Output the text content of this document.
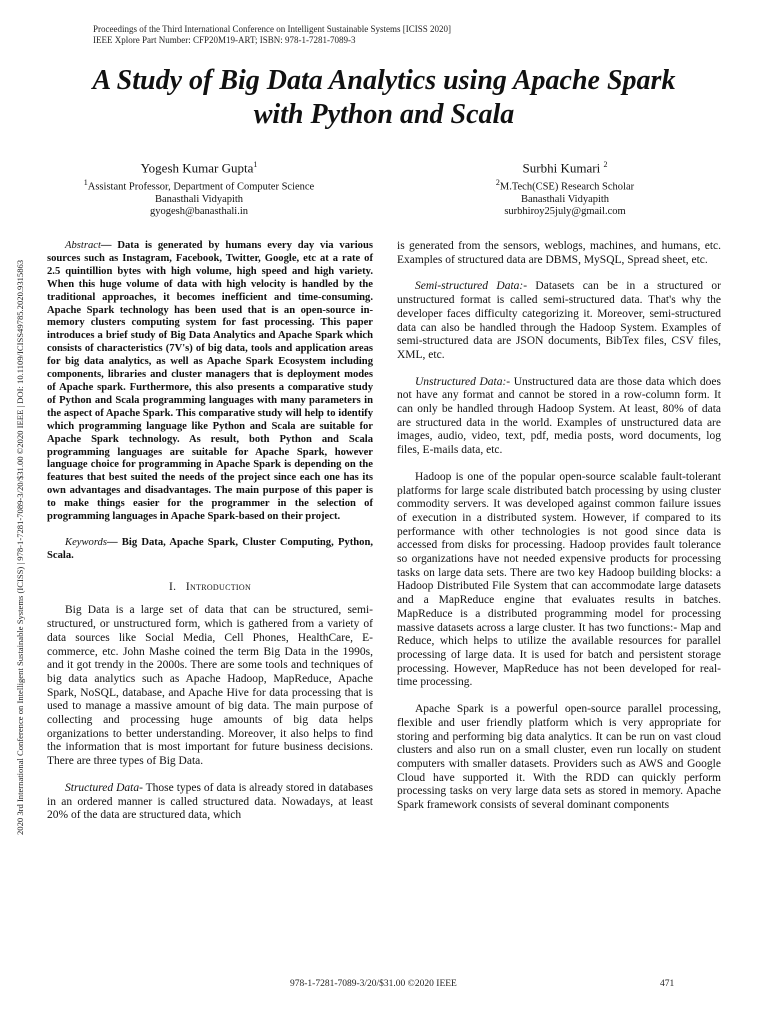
Proceedings of the Third International Conference on Intelligent Sustainable Systems [ICISS 2020]
IEEE Xplore Part Number: CFP20M19-ART; ISBN: 978-1-7281-7089-3
A Study of Big Data Analytics using Apache Spark
with Python and Scala
Yogesh Kumar Gupta$^1$
$^1$Assistant Professor, Department of Computer Science
Banasthali Vidyapith
gyogesh@banasthali.in
Surbhi Kumari $^2$
$^2$M.Tech(CSE) Research Scholar
Banasthali Vidyapith
surbhiroy25july@gmail.com
2020 3rd International Conference on Intelligent Sustainable Systems (ICISS) | 978-1-7281-7089-3/20/$31.00 ©2020 IEEE | DOI: 10.1109/ICISS49785.2020.9315863

Abstract— Data is generated by humans every day via various sources such as Instagram, Facebook, Twitter, Google, etc at a rate of 2.5 quintillion bytes with high volume, high speed and high variety. When this huge volume of data with high velocity is handled by the traditional approaches, it becomes inefficient and time-consuming. Apache Spark technology has been used that is an open-source in-memory clusters computing system for fast processing. This paper introduces a brief study of Big Data Analytics and Apache Spark which consists of characteristics (7V's) of big data, tools and application areas for big data analytics, as well as Apache Spark Ecosystem including components, libraries and cluster managers that is deployment modes of Apache spark. Furthermore, this also presents a comparative study of Python and Scala programming languages with many parameters in the aspect of Apache Spark. This comparative study will help to identify which programming language like Python and Scala are suitable for Apache Spark technology. As result, both Python and Scala programming languages are suitable for Apache Spark, however language choice for programming in Apache Spark is depending on the features that best suited the needs of the project since each one has its own advantages and disadvantages. The main purpose of this paper is to make things easier for the programmer in the selection of programming languages in Apache Spark-based on their project.

Keywords— Big Data, Apache Spark, Cluster Computing, Python, Scala.

I. Introduction

Big Data is a large set of data that can be structured, semi-structured, or unstructured form, which is gathered from a variety of data sources like Social Media, Cell Phones, HealthCare, E-commerce, etc. John Mashe coined the term Big Data in the 1990s, and it got trendy in the 2000s. There are some tools and techniques of big data analytics such as Apache Hadoop, MapReduce, Apache Spark, NoSQL, database, and Apache Hive for data processing that is used to manage a massive amount of big data. The main purpose of collecting and processing huge amounts of big data helps organizations to better understanding. Moreover, it also helps to find the information that is most important for future business decisions. There are three types of Big Data.

Structured Data- Those types of data is already stored in databases in an ordered manner is called structured data. Nowadays, at least 20% of the data are structured data, which

is generated from the sensors, weblogs, machines, and humans, etc. Examples of structured data are DBMS, MySQL, Spread sheet, etc.

Semi-structured Data:- Datasets can be in a structured or unstructured format is called semi-structured data. That's why the developer faces difficulty categorizing it. Moreover, semi-structured data can also be handled through the Hadoop System. Examples of semi-structured data are JSON documents, BibTex files, CSV files, XML, etc.

Unstructured Data:- Unstructured data are those data which does not have any format and cannot be stored in a row-column form. It can only be handled through Hadoop System. At least, 80% of data are structured data in the world. Examples of unstructured data are images, audio, video, text, pdf, media posts, word documents, log files, E-mails data, etc.

Hadoop is one of the popular open-source scalable fault-tolerant platforms for large scale distributed batch processing by using cluster commodity servers. It was developed against common failure issues of execution in a distributed system. However, if compared to its performance with other technologies is not good since data is accessed from disks for processing. Hadoop provides fault tolerance so organizations have not needed expensive products for processing tasks on large data sets. There are two key Hadoop building blocks: a Hadoop Distributed File System that can accommodate large datasets and a MapReduce engine that evaluates results in batches. MapReduce is a distributed programming model for processing massive datasets across a large cluster. It has two functions:- Map and Reduce, which helps to utilize the available resources for parallel processing of large data. It is used for batch and persistent storage processing. However, MapReduce has not been developed for real-time processing.

Apache Spark is a powerful open-source parallel processing, flexible and user friendly platform which is very appropriate for storing and performing big data analytics. It can be run on vast cloud clusters and also run on a small cluster, even run locally on student computers with smaller datasets. Providers such as AWS and Google Cloud have supported it. With the RDD can quickly perform processing tasks on very large data sets as stored in memory. Apache Spark framework consists of several dominant components

978-1-7281-7089-3/20/$31.00 ©2020 IEEE	471
